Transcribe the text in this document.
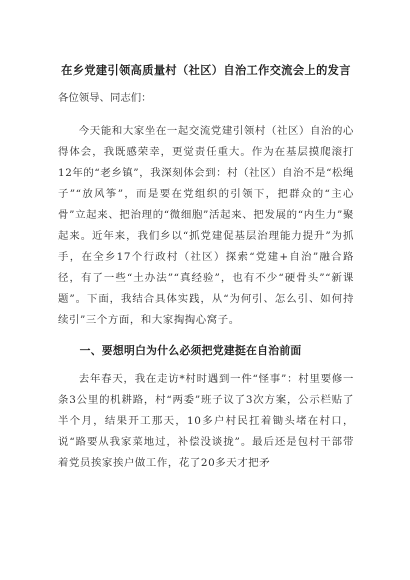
在乡党建引领高质量村（社区）自治工作交流会上的发言
各位领导、同志们：

今天能和大家坐在一起交流党建引领村（社区）自治的心得体会，我既感荣幸，更觉责任重大。作为在基层摸爬滚打12年的“老乡镇”，我深刻体会到：村（社区）自治不是“松绳子”“放风筝”，而是要在党组织的引领下，把群众的“主心骨”立起来、把治理的“微细胞”活起来、把发展的“内生力”聚起来。近年来，我们乡以“抓党建促基层治理能力提升”为抓手，在全乡17个行政村（社区）探索“党建+自治”融合路径，有了一些“土办法”“真经验”，也有不少“硬骨头”“新课题”。下面，我结合具体实践，从“为何引、怎么引、如何持续引”三个方面，和大家掏掏心窝子。

一、要想明白为什么必须把党建挺在自治前面

去年春天，我在走访*村时遇到一件“怪事”：村里要修一条3公里的机耕路，村“两委”班子议了3次方案，公示栏贴了半个月，结果开工那天，10多户村民扛着锄头堵在村口，说“路要从我家菜地过，补偿没谈拢”。最后还是包村干部带着党员挨家挨户做工作，花了20多天才把矛
